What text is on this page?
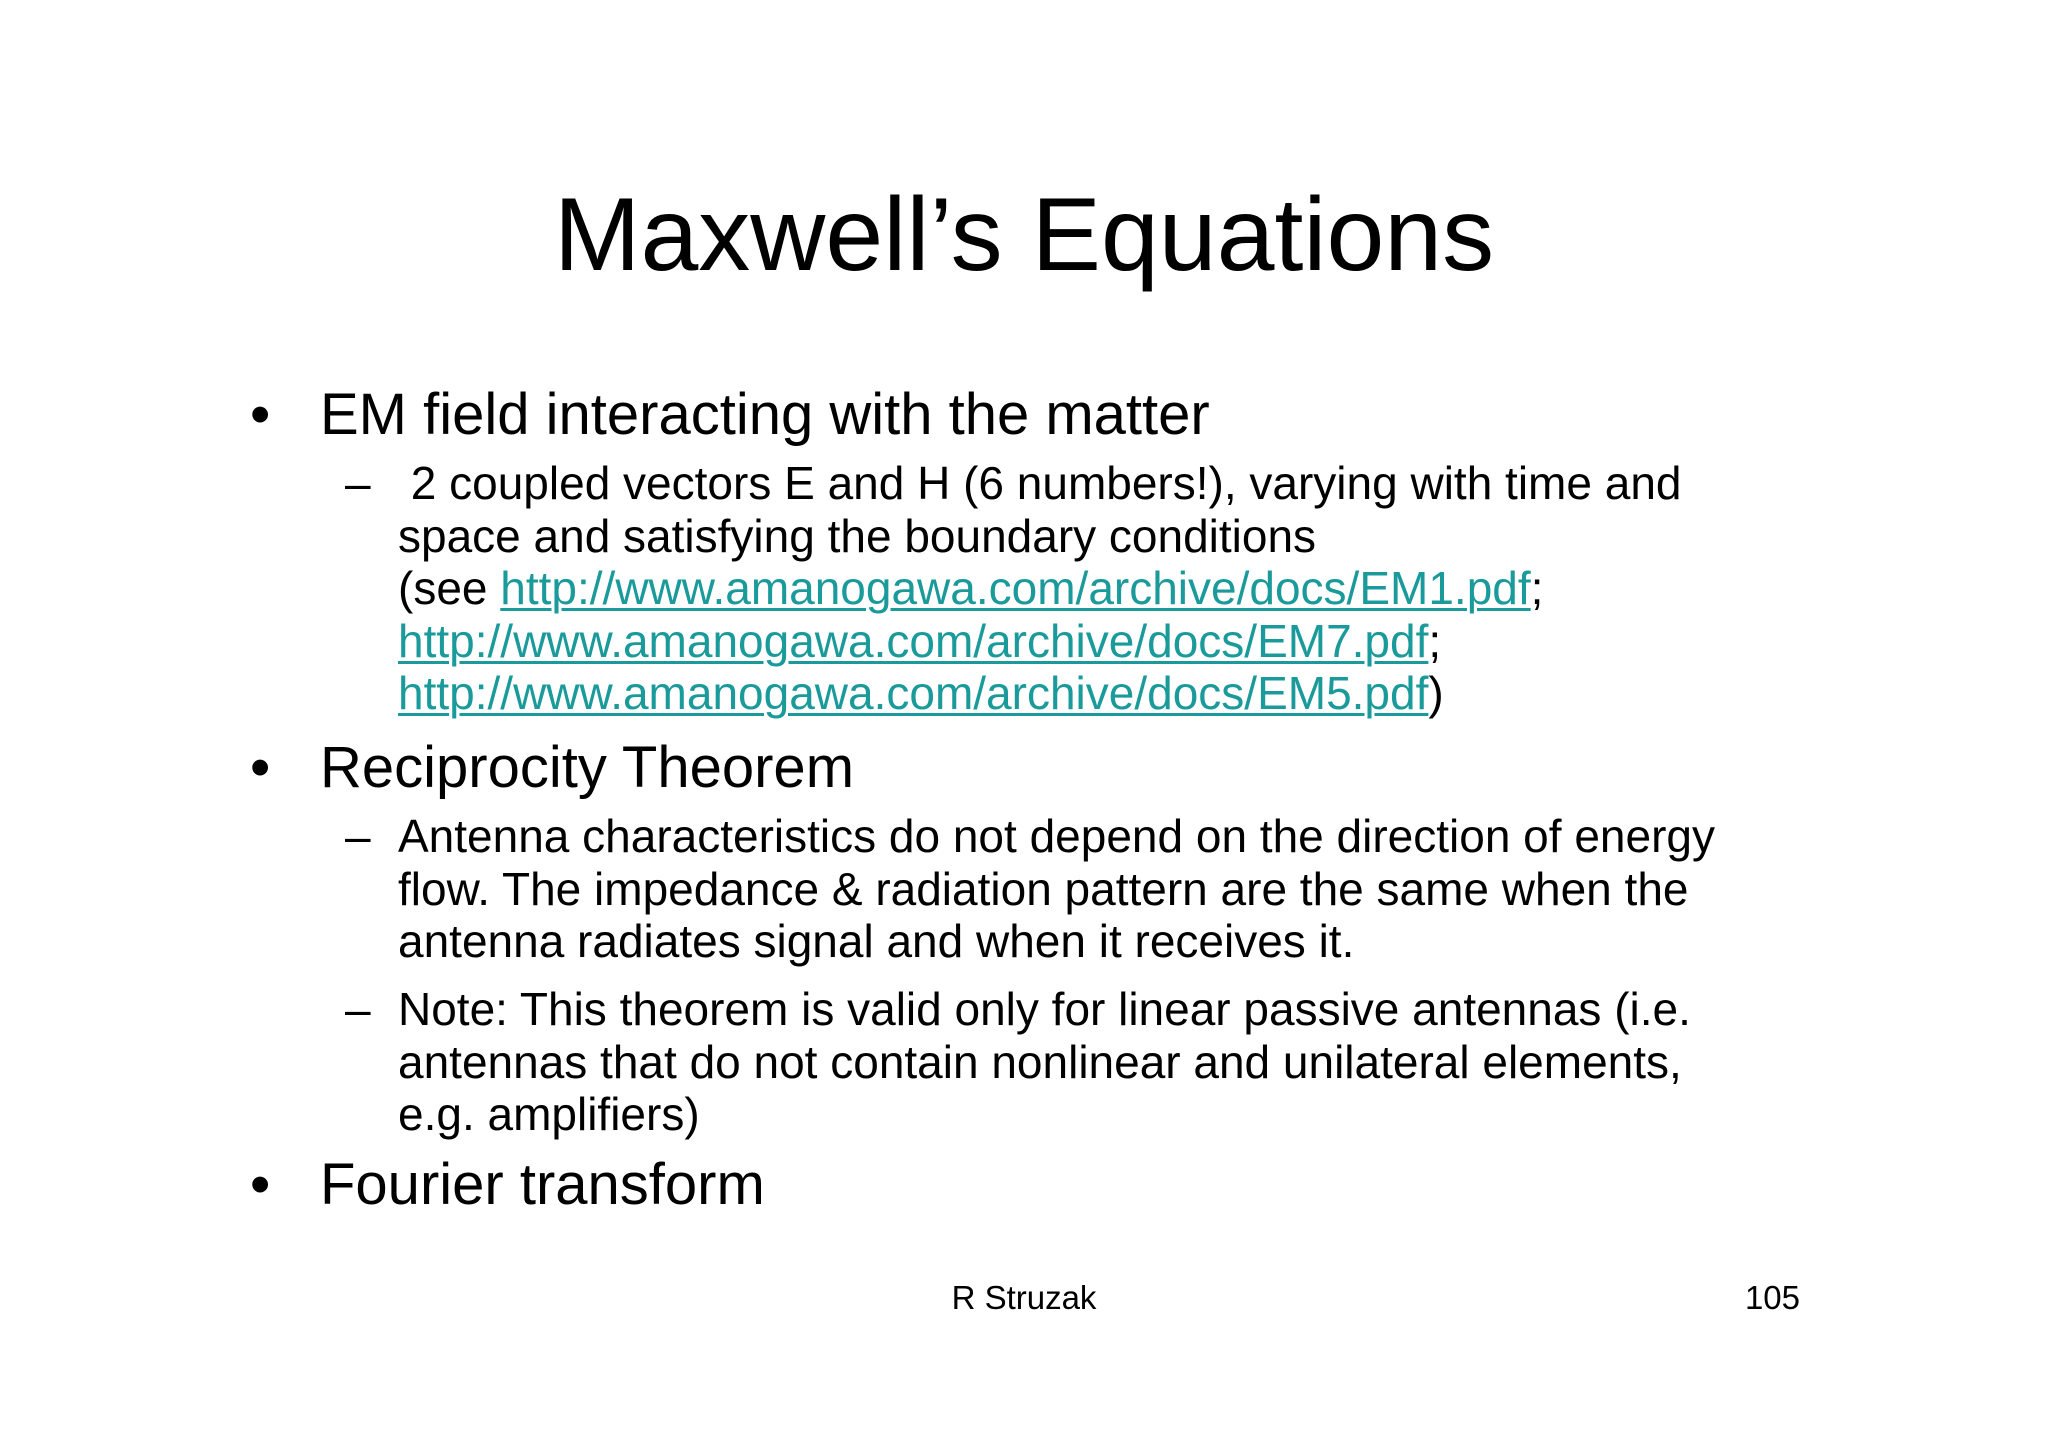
Maxwell’s Equations
• EM field interacting with the matter
– 2 coupled vectors E and H (6 numbers!), varying with time and
space and satisfying the boundary conditions
(see http://www.amanogawa.com/archive/docs/EM1.pdf;
http://www.amanogawa.com/archive/docs/EM7.pdf;
http://www.amanogawa.com/archive/docs/EM5.pdf)
• Reciprocity Theorem
– Antenna characteristics do not depend on the direction of energy
flow. The impedance & radiation pattern are the same when the
antenna radiates signal and when it receives it.
– Note: This theorem is valid only for linear passive antennas (i.e.
antennas that do not contain nonlinear and unilateral elements,
e.g. amplifiers)
• Fourier transform
R Struzak	105
